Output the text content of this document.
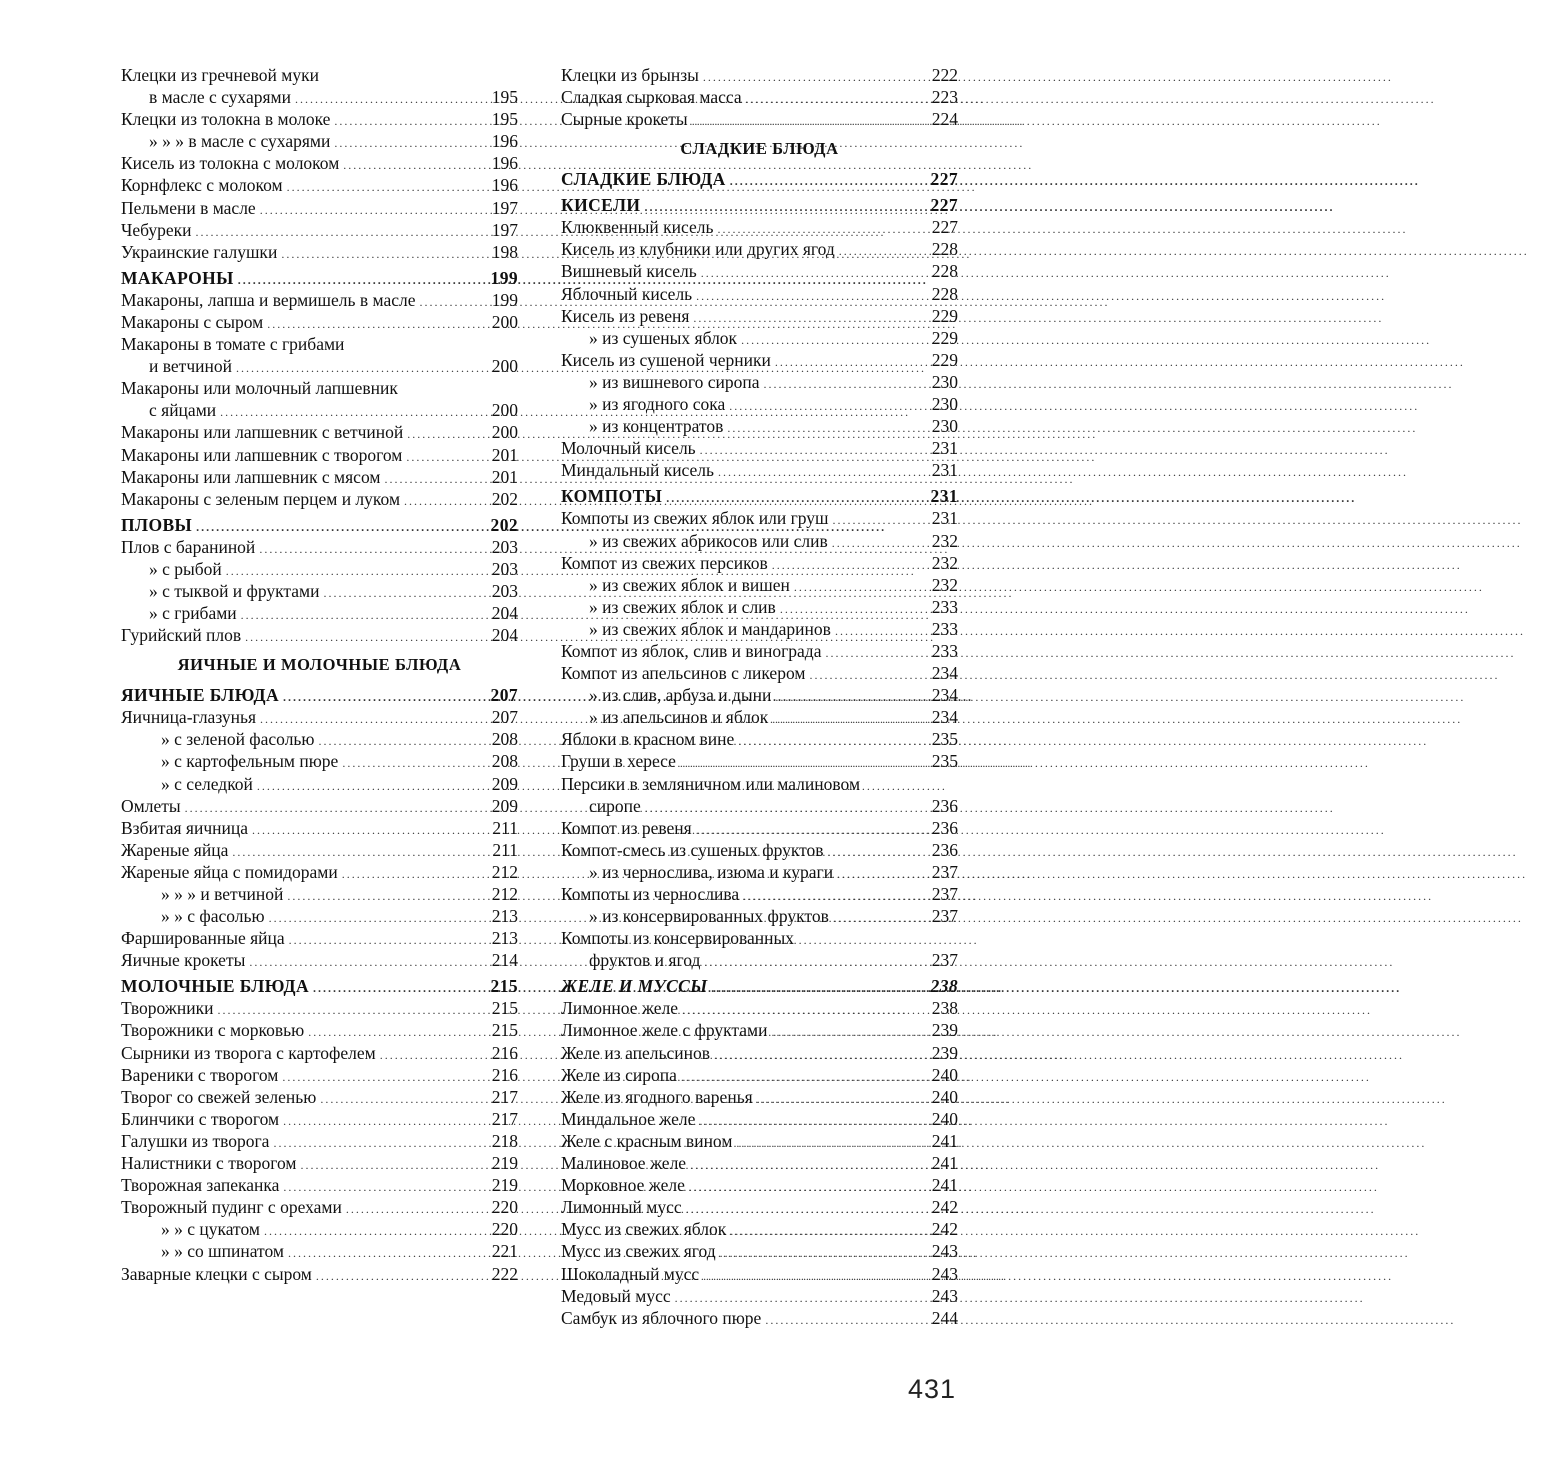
Клецки из гречневой муки
в масле с сухарями .....	195
Клецки из толокна в молоке .....	195
» » » в масле с сухарями .....	196
Кисель из толокна с молоком .....	196
Корнфлекс с молоком .....	196
Пельмени в масле .....	197
Чебуреки .....	197
Украинские галушки .....	198
МАКАРОНЫ .....	199
Макароны, лапша и вермишель в масле .....	199
Макароны с сыром .....	200
Макароны в томате с грибами
и ветчиной .....	200
Макароны или молочный лапшевник
с яйцами .....	200
Макароны или лапшевник с ветчиной .....	200
Макароны или лапшевник с творогом .....	201
Макароны или лапшевник с мясом .....	201
Макароны с зеленым перцем и луком .....	202
ПЛОВЫ .....	202
Плов с бараниной .....	203
» с рыбой .....	203
» с тыквой и фруктами .....	203
» с грибами .....	204
Гурийский плов .....	204
ЯИЧНЫЕ И МОЛОЧНЫЕ БЛЮДА
ЯИЧНЫЕ БЛЮДА .....	207
Яичница-глазунья .....	207
» с зеленой фасолью .....	208
» с картофельным пюре .....	208
» с селедкой .....	209
Омлеты .....	209
Взбитая яичница .....	211
Жареные яйца .....	211
Жареные яйца с помидорами .....	212
» » » и ветчиной .....	212
» » с фасолью .....	213
Фаршированные яйца .....	213
Яичные крокеты .....	214
МОЛОЧНЫЕ БЛЮДА .....	215
Творожники .....	215
Творожники с морковью .....	215
Сырники из творога с картофелем .....	216
Вареники с творогом .....	216
Творог со свежей зеленью .....	217
Блинчики с творогом .....	217
Галушки из творога .....	218
Налистники с творогом .....	219
Творожная запеканка .....	219
Творожный пудинг с орехами .....	220
» » с цукатом .....	220
» » со шпинатом .....	221
Заварные клецки с сыром .....	222
Клецки из брынзы .....	222
Сладкая сырковая масса .....	223
Сырные крокеты .....	224
СЛАДКИЕ БЛЮДА
СЛАДКИЕ БЛЮДА .....	227
КИСЕЛИ .....	227
Клюквенный кисель .....	227
Кисель из клубники или других ягод .....	228
Вишневый кисель .....	228
Яблочный кисель .....	228
Кисель из ревеня .....	229
» из сушеных яблок .....	229
Кисель из сушеной черники .....	229
» из вишневого сиропа .....	230
» из ягодного сока .....	230
» из концентратов .....	230
Молочный кисель .....	231
Миндальный кисель .....	231
КОМПОТЫ .....	231
Компоты из свежих яблок или груш .....	231
» из свежих абрикосов или слив .....	232
Компот из свежих персиков .....	232
» из свежих яблок и вишен .....	232
» из свежих яблок и слив .....	233
» из свежих яблок и мандаринов .....	233
Компот из яблок, слив и винограда .....	233
Компот из апельсинов с ликером .....	234
» из слив, арбуза и дыни .....	234
» из апельсинов и яблок .....	234
Яблоки в красном вине .....	235
Груши в хересе .....	235
Персики в земляничном или малиновом
сиропе .....	236
Компот из ревеня .....	236
Компот-смесь из сушеных фруктов .....	236
» из чернослива, изюма и кураги .....	237
Компоты из чернослива .....	237
» из консервированных фруктов .....	237
Компоты из консервированных
фруктов и ягод .....	237
ЖЕЛЕ И МУССЫ .....	238
Лимонное желе .....	238
Лимонное желе с фруктами .....	239
Желе из апельсинов .....	239
Желе из сиропа .....	240
Желе из ягодного варенья .....	240
Миндальное желе .....	240
Желе с красным вином .....	241
Малиновое желе .....	241
Морковное желе .....	241
Лимонный мусс .....	242
Мусс из свежих яблок .....	242
Мусс из свежих ягод .....	243
Шоколадный мусс .....	243
Медовый мусс .....	243
Самбук из яблочного пюре .....	244
431
